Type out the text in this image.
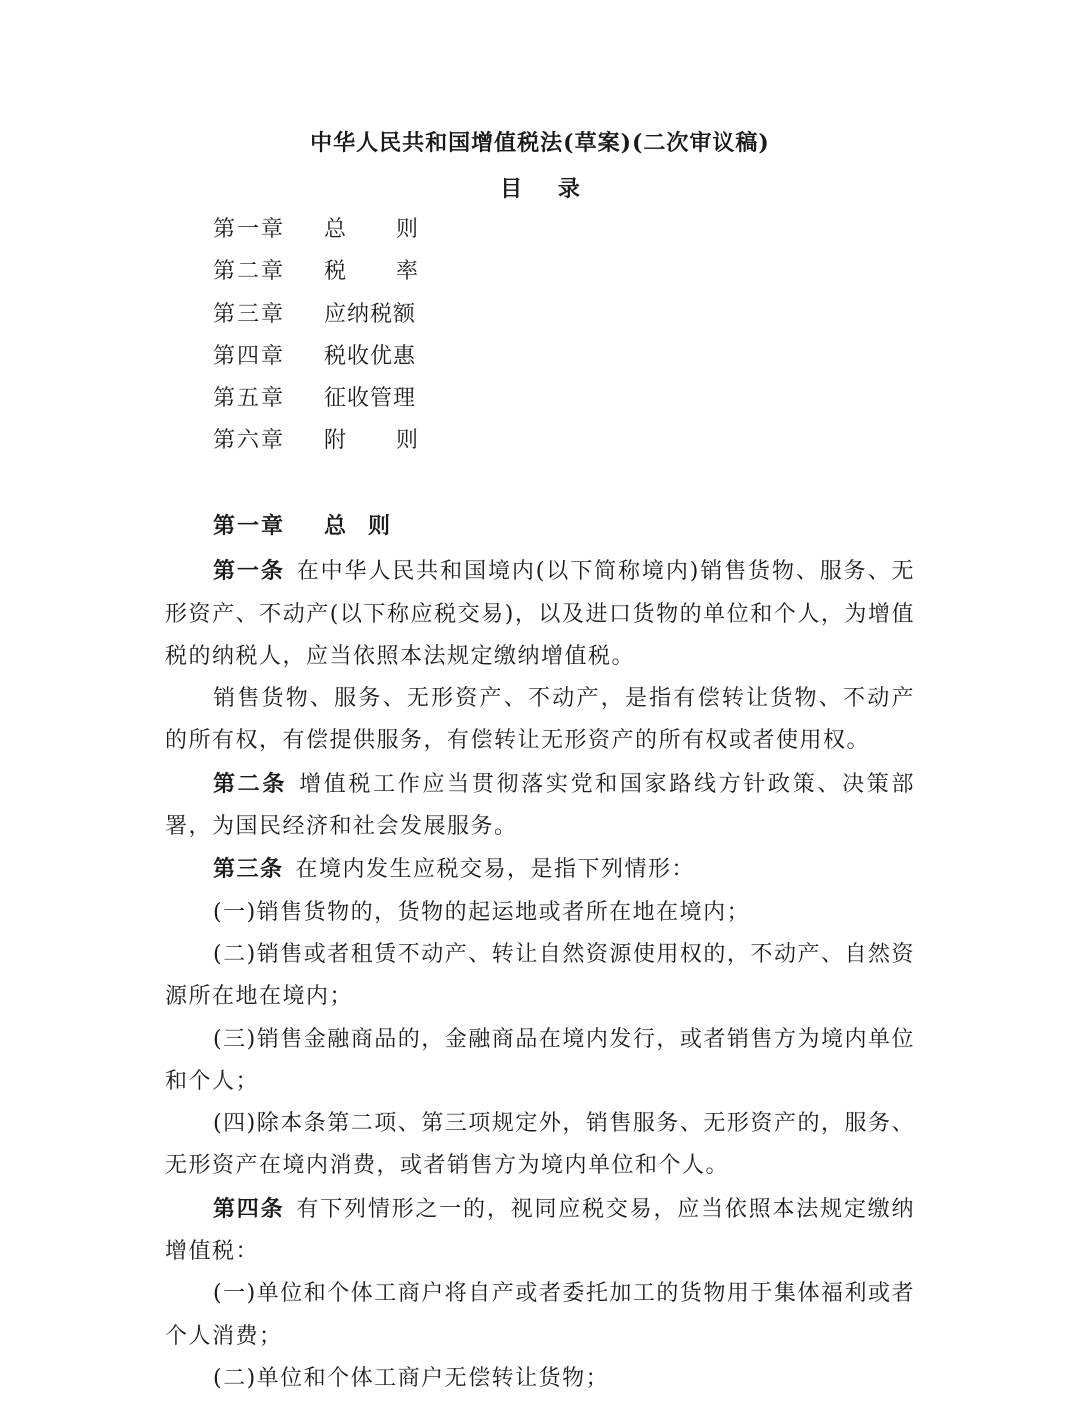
中华人民共和国增值税法(草案)(二次审议稿)
目 录
第一章	总　则
第二章	税　率
第三章	应纳税额
第四章	税收优惠
第五章	征收管理
第六章	附　则
第一章	总则

第一条 在中华人民共和国境内(以下简称境内)销售货物、服务、无形资产、不动产(以下称应税交易)，以及进口货物的单位和个人，为增值税的纳税人，应当依照本法规定缴纳增值税。

销售货物、服务、无形资产、不动产，是指有偿转让货物、不动产的所有权，有偿提供服务，有偿转让无形资产的所有权或者使用权。

第二条 增值税工作应当贯彻落实党和国家路线方针政策、决策部署，为国民经济和社会发展服务。

第三条 在境内发生应税交易，是指下列情形：

(一)销售货物的，货物的起运地或者所在地在境内；

(二)销售或者租赁不动产、转让自然资源使用权的，不动产、自然资源所在地在境内；

(三)销售金融商品的，金融商品在境内发行，或者销售方为境内单位和个人；

(四)除本条第二项、第三项规定外，销售服务、无形资产的，服务、无形资产在境内消费，或者销售方为境内单位和个人。

第四条 有下列情形之一的，视同应税交易，应当依照本法规定缴纳增值税：

(一)单位和个体工商户将自产或者委托加工的货物用于集体福利或者个人消费；

(二)单位和个体工商户无偿转让货物；
